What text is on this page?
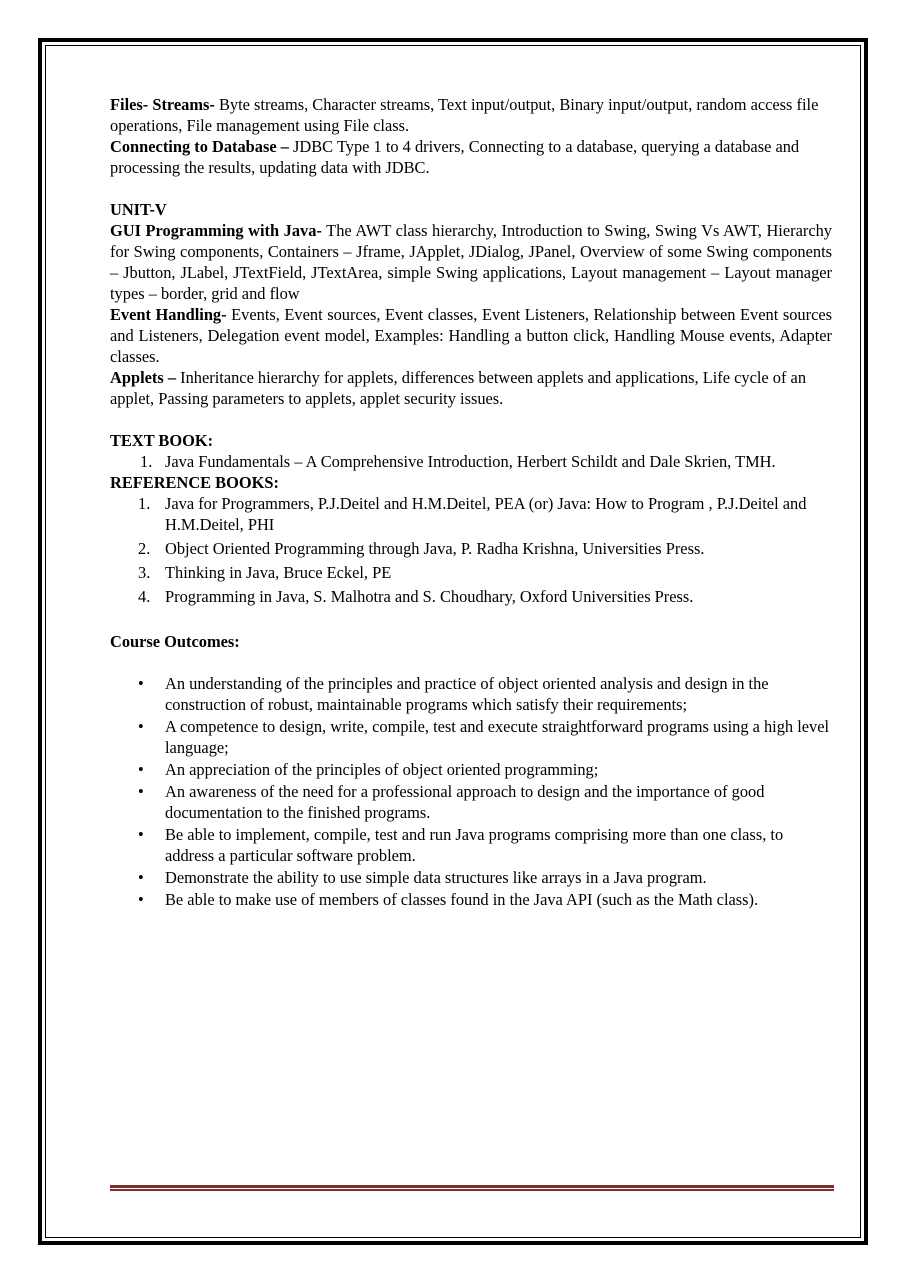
Files- Streams- Byte streams, Character streams, Text input/output, Binary input/output, random access file operations, File management using File class.

Connecting to Database – JDBC Type 1 to 4 drivers, Connecting to a database, querying a database and processing the results, updating data with JDBC.

UNIT-V

GUI Programming with Java- The AWT class hierarchy, Introduction to Swing, Swing Vs AWT, Hierarchy for Swing components, Containers – Jframe, JApplet, JDialog, JPanel, Overview of some Swing components – Jbutton, JLabel, JTextField, JTextArea, simple Swing applications, Layout management – Layout manager types – border, grid and flow

Event Handling- Events, Event sources, Event classes, Event Listeners, Relationship between Event sources and Listeners, Delegation event model, Examples: Handling a button click, Handling Mouse events, Adapter classes.

Applets – Inheritance hierarchy for applets, differences between applets and applications, Life cycle of an applet, Passing parameters to applets, applet security issues.

TEXT BOOK:

1. Java Fundamentals – A Comprehensive Introduction, Herbert Schildt and Dale Skrien, TMH.

REFERENCE BOOKS:

1. Java for Programmers, P.J.Deitel and H.M.Deitel, PEA (or) Java: How to Program , P.J.Deitel and H.M.Deitel, PHI
2. Object Oriented Programming through Java, P. Radha Krishna, Universities Press.
3. Thinking in Java, Bruce Eckel, PE
4. Programming in Java, S. Malhotra and S. Choudhary, Oxford Universities Press.

Course Outcomes:

• An understanding of the principles and practice of object oriented analysis and design in the construction of robust, maintainable programs which satisfy their requirements;
• A competence to design, write, compile, test and execute straightforward programs using a high level language;
• An appreciation of the principles of object oriented programming;
• An awareness of the need for a professional approach to design and the importance of good documentation to the finished programs.
• Be able to implement, compile, test and run Java programs comprising more than one class, to address a particular software problem.
• Demonstrate the ability to use simple data structures like arrays in a Java program.
• Be able to make use of members of classes found in the Java API (such as the Math class).
